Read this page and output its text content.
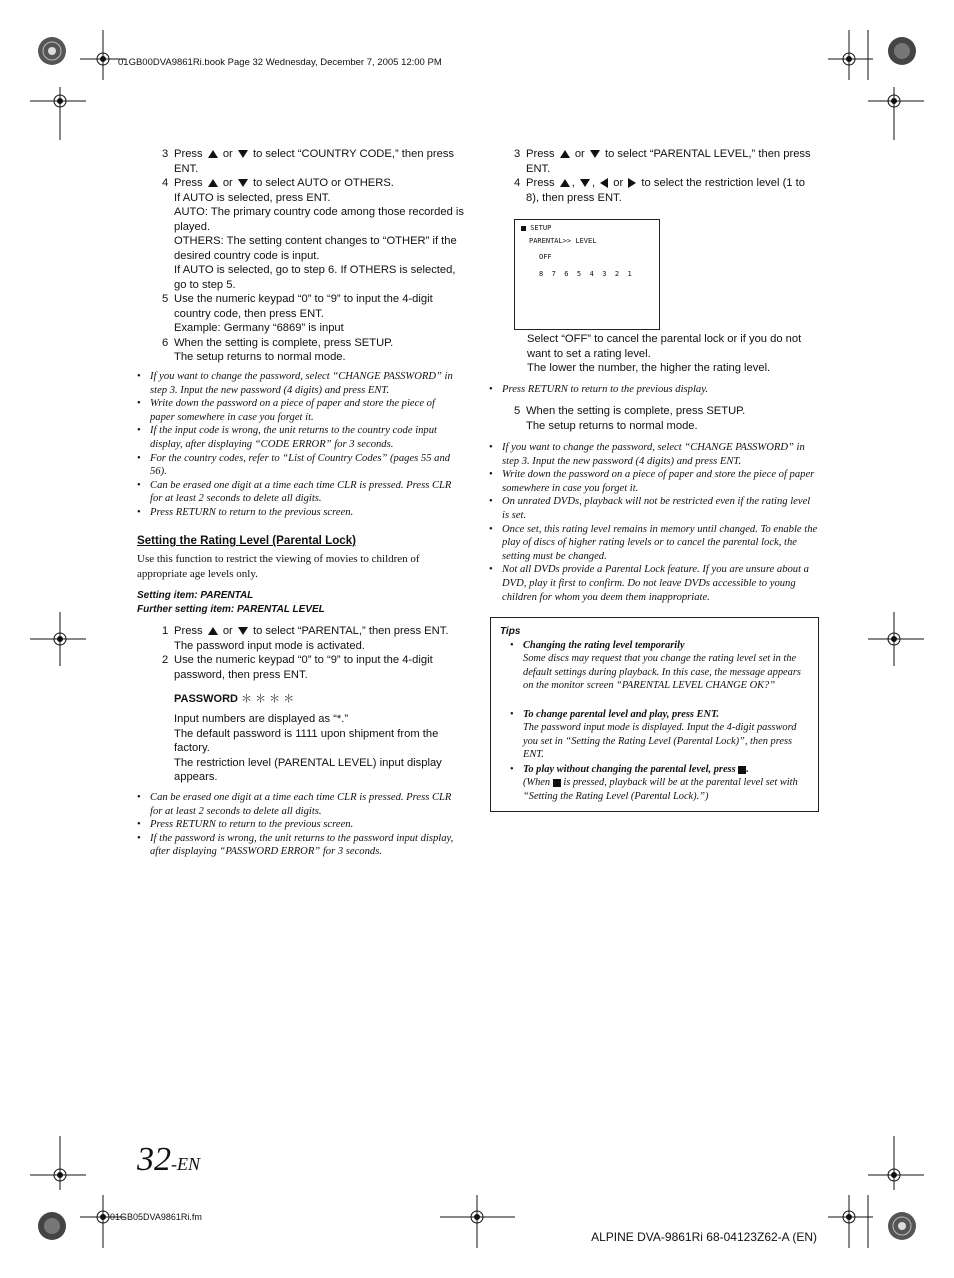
01GB00DVA9861Ri.book Page 32 Wednesday, December 7, 2005 12:00 PM
3 Press  or  to select “COUNTRY CODE,” then press ENT.

4 Press  or  to select AUTO or OTHERS.

If AUTO is selected, press ENT.

AUTO: The primary country code among those recorded is played.

OTHERS: The setting content changes to “OTHER” if the desired country code is input.

If AUTO is selected, go to step 6. If OTHERS is selected, go to step 5.

5 Use the numeric keypad “0” to “9” to input the 4-digit country code, then press ENT.

Example: Germany “6869” is input

6 When the setting is complete, press SETUP.

The setup returns to normal mode.

• If you want to change the password, select “CHANGE PASSWORD” in step 3. Input the new password (4 digits) and press ENT.
• Write down the password on a piece of paper and store the piece of paper somewhere in case you forget it.
• If the input code is wrong, the unit returns to the country code input display, after displaying “CODE ERROR” for 3 seconds.
• For the country codes, refer to “List of Country Codes” (pages 55 and 56).
• Can be erased one digit at a time each time CLR is pressed. Press CLR for at least 2 seconds to delete all digits.
• Press RETURN to return to the previous screen.
Setting the Rating Level (Parental Lock)
Use this function to restrict the viewing of movies to children of appropriate age levels only.
Setting item: PARENTAL
Further setting item: PARENTAL LEVEL
1 Press  or  to select “PARENTAL,” then press ENT.

The password input mode is activated.

2 Use the numeric keypad “0” to “9” to input the 4-digit password, then press ENT.

PASSWORD ＊ ＊ ＊ ＊
Input numbers are displayed as “*.”
The default password is 1111 upon shipment from the factory.
The restriction level (PARENTAL LEVEL) input display appears.
• Can be erased one digit at a time each time CLR is pressed. Press CLR for at least 2 seconds to delete all digits.
• Press RETURN to return to the previous screen.
• If the password is wrong, the unit returns to the password input display, after displaying “PASSWORD ERROR” for 3 seconds.
3 Press  or  to select “PARENTAL LEVEL,” then press ENT.

4 Press , ,  or  to select the restriction level (1 to 8), then press ENT.

SETUP
PARENTAL>> LEVEL
OFF
8  7  6  5  4  3  2  1
Select “OFF” to cancel the parental lock or if you do not want to set a rating level.
The lower the number, the higher the rating level.
• Press RETURN to return to the previous display.
5 When the setting is complete, press SETUP.

The setup returns to normal mode.

• If you want to change the password, select “CHANGE PASSWORD” in step 3. Input the new password (4 digits) and press ENT.
• Write down the password on a piece of paper and store the piece of paper somewhere in case you forget it.
• On unrated DVDs, playback will not be restricted even if the rating level is set.
• Once set, this rating level remains in memory until changed. To enable the play of discs of higher rating levels or to cancel the parental lock, the setting must be changed.
• Not all DVDs provide a Parental Lock feature. If you are unsure about a DVD, play it first to confirm. Do not leave DVDs accessible to young children for whom you deem them inappropriate.
Tips
• Changing the rating level temporarily
Some discs may request that you change the rating level set in the default settings during playback. In this case, the message appears on the monitor screen “PARENTAL LEVEL CHANGE OK?”
• To change parental level and play, press ENT.
The password input mode is displayed. Input the 4-digit password you set in “Setting the Rating Level (Parental Lock)”, then press ENT.
• To play without changing the parental level, press .
(When  is pressed, playback will be at the parental level set with “Setting the Rating Level (Parental Lock).”)
32-EN
01GB05DVA9861Ri.fm
ALPINE DVA-9861Ri 68-04123Z62-A (EN)
